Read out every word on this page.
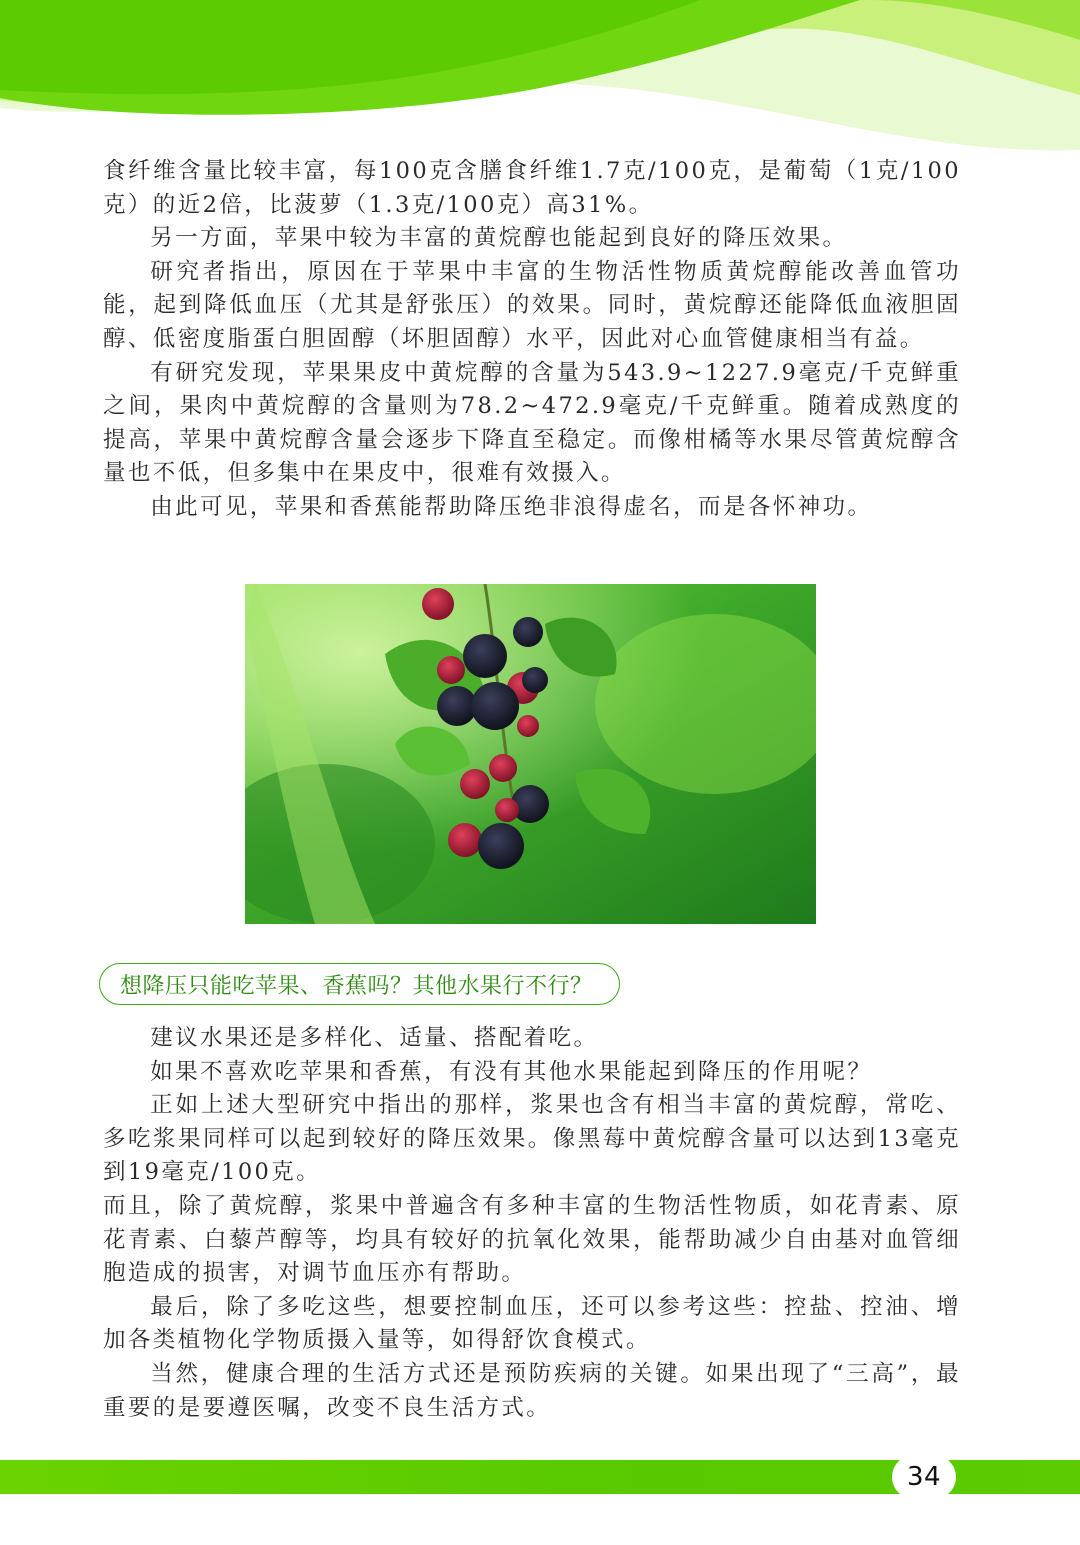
食纤维含量比较丰富，每100克含膳食纤维1.7克/100克，是葡萄（1克/100克）的近2倍，比菠萝（1.3克/100克）高31%。

另一方面，苹果中较为丰富的黄烷醇也能起到良好的降压效果。

研究者指出，原因在于苹果中丰富的生物活性物质黄烷醇能改善血管功能，起到降低血压（尤其是舒张压）的效果。同时，黄烷醇还能降低血液胆固醇、低密度脂蛋白胆固醇（坏胆固醇）水平，因此对心血管健康相当有益。

有研究发现，苹果果皮中黄烷醇的含量为543.9~1227.9毫克/千克鲜重之间，果肉中黄烷醇的含量则为78.2~472.9毫克/千克鲜重。随着成熟度的提高，苹果中黄烷醇含量会逐步下降直至稳定。而像柑橘等水果尽管黄烷醇含量也不低，但多集中在果皮中，很难有效摄入。

由此可见，苹果和香蕉能帮助降压绝非浪得虚名，而是各怀神功。

想降压只能吃苹果、香蕉吗？其他水果行不行？

建议水果还是多样化、适量、搭配着吃。

如果不喜欢吃苹果和香蕉，有没有其他水果能起到降压的作用呢？

正如上述大型研究中指出的那样，浆果也含有相当丰富的黄烷醇，常吃、多吃浆果同样可以起到较好的降压效果。像黑莓中黄烷醇含量可以达到13毫克到19毫克/100克。

而且，除了黄烷醇，浆果中普遍含有多种丰富的生物活性物质，如花青素、原花青素、白藜芦醇等，均具有较好的抗氧化效果，能帮助减少自由基对血管细胞造成的损害，对调节血压亦有帮助。

最后，除了多吃这些，想要控制血压，还可以参考这些：控盐、控油、增加各类植物化学物质摄入量等，如得舒饮食模式。

当然，健康合理的生活方式还是预防疾病的关键。如果出现了“三高”，最重要的是要遵医嘱，改变不良生活方式。

34
